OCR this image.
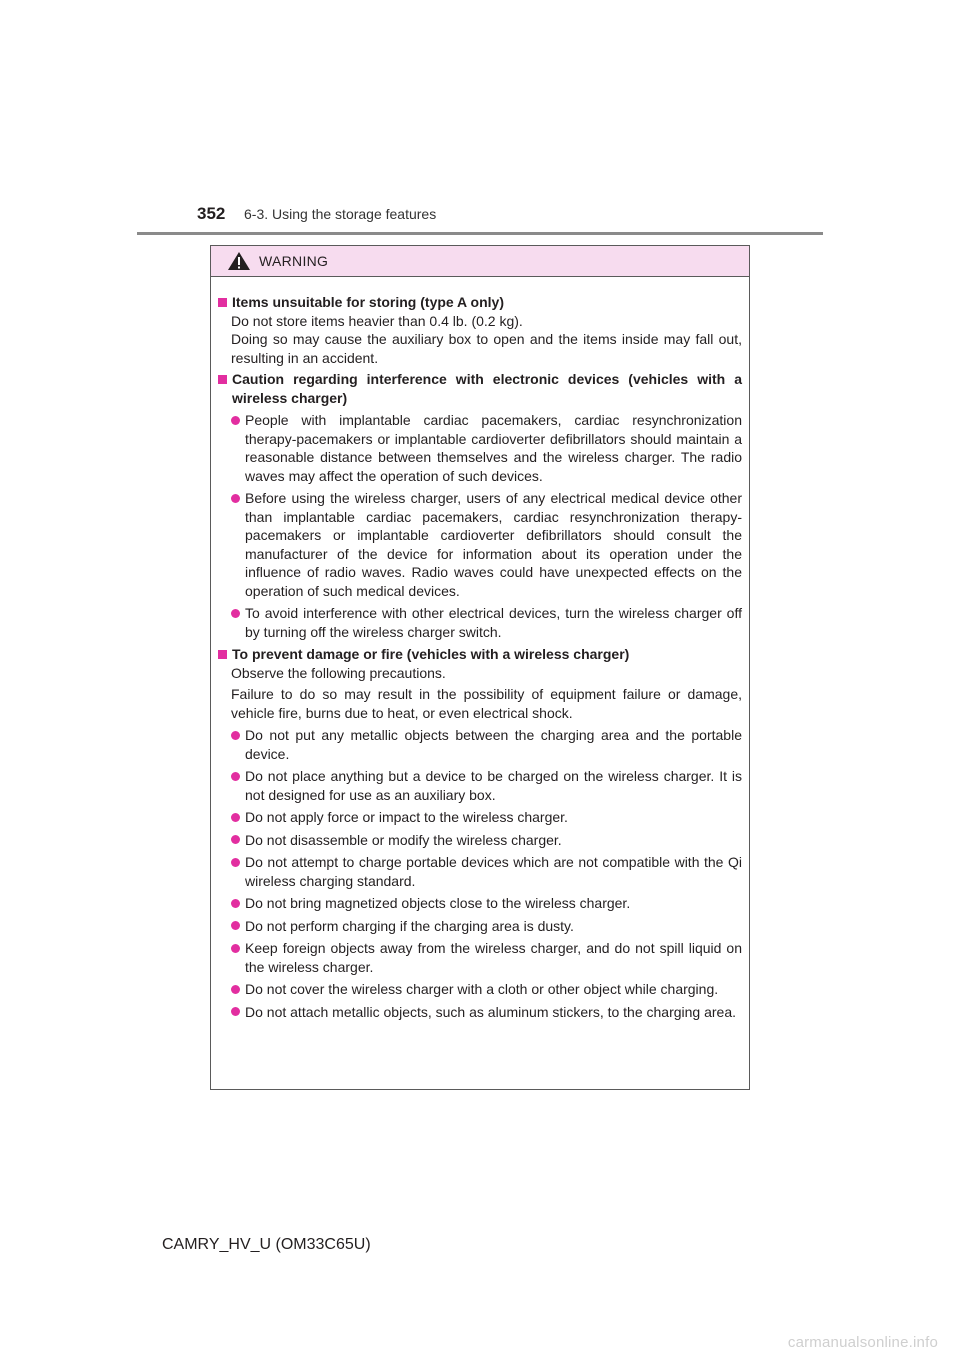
352	6-3. Using the storage features
WARNING
Items unsuitable for storing (type A only)
Do not store items heavier than 0.4 lb. (0.2 kg).
Doing so may cause the auxiliary box to open and the items inside may fall out, resulting in an accident.
Caution regarding interference with electronic devices (vehicles with a wireless charger)
People with implantable cardiac pacemakers, cardiac resynchronization therapy-pacemakers or implantable cardioverter defibrillators should maintain a reasonable distance between themselves and the wireless charger. The radio waves may affect the operation of such devices.
Before using the wireless charger, users of any electrical medical device other than implantable cardiac pacemakers, cardiac resynchronization therapy-pacemakers or implantable cardioverter defibrillators should consult the manufacturer of the device for information about its operation under the influence of radio waves. Radio waves could have unexpected effects on the operation of such medical devices.
To avoid interference with other electrical devices, turn the wireless charger off by turning off the wireless charger switch.
To prevent damage or fire (vehicles with a wireless charger)
Observe the following precautions.
Failure to do so may result in the possibility of equipment failure or damage, vehicle fire, burns due to heat, or even electrical shock.
Do not put any metallic objects between the charging area and the portable device.
Do not place anything but a device to be charged on the wireless charger. It is not designed for use as an auxiliary box.
Do not apply force or impact to the wireless charger.
Do not disassemble or modify the wireless charger.
Do not attempt to charge portable devices which are not compatible with the Qi wireless charging standard.
Do not bring magnetized objects close to the wireless charger.
Do not perform charging if the charging area is dusty.
Keep foreign objects away from the wireless charger, and do not spill liquid on the wireless charger.
Do not cover the wireless charger with a cloth or other object while charging.
Do not attach metallic objects, such as aluminum stickers, to the charging area.
CAMRY_HV_U (OM33C65U)
carmanualsonline.info
